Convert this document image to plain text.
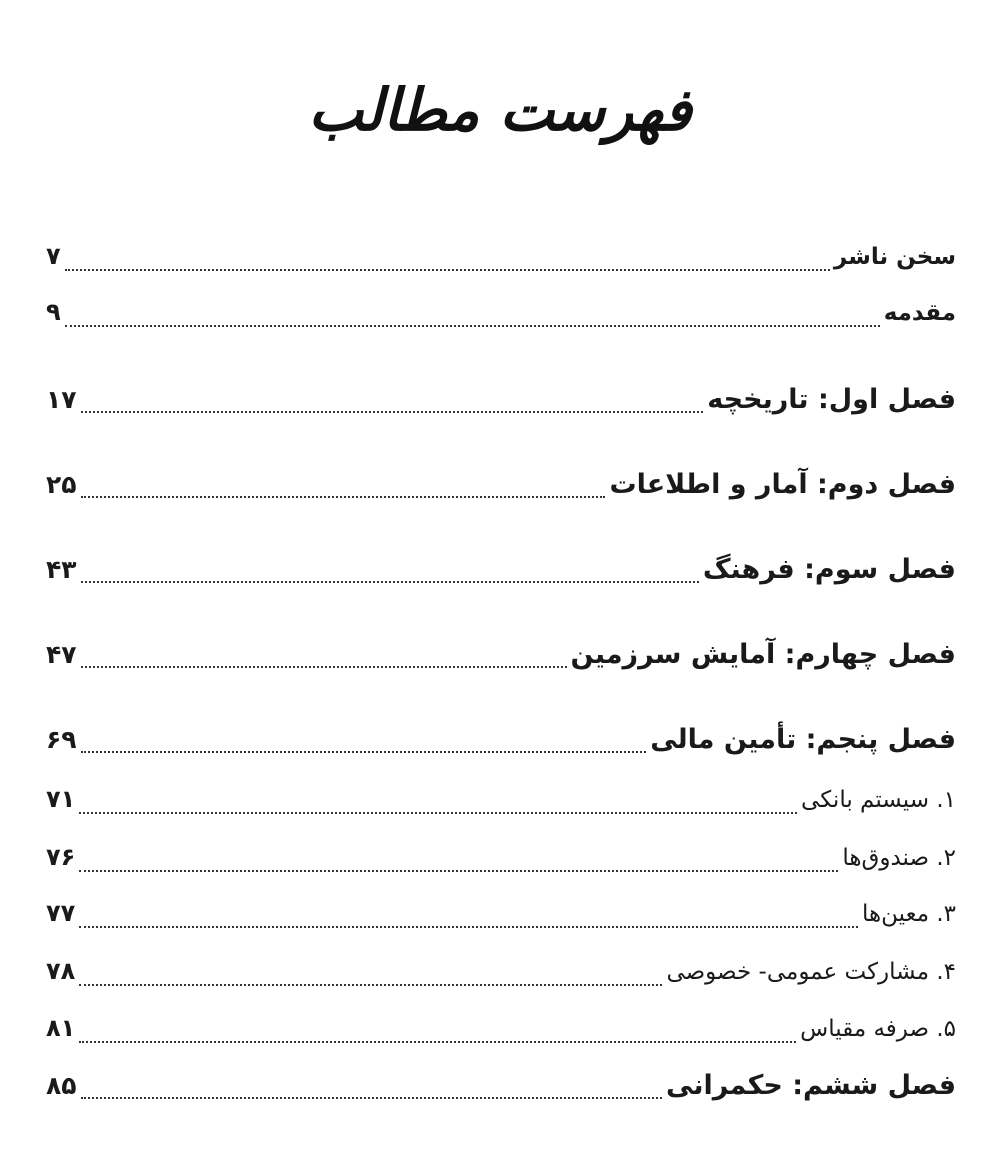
فهرست مطالب
سخن ناشر
۷
مقدمه
۹
فصل اول: تاریخچه
۱۷
فصل دوم: آمار و اطلاعات
۲۵
فصل سوم: فرهنگ
۴۳
فصل چهارم: آمایش سرزمین
۴۷
فصل پنجم: تأمین مالی
۶۹
۱. سیستم بانکی
۷۱
۲. صندوق‌ها
۷۶
۳. معین‌ها
۷۷
۴. مشارکت عمومی- خصوصی
۷۸
۵. صرفه مقیاس
۸۱
فصل ششم: حکمرانی
۸۵
